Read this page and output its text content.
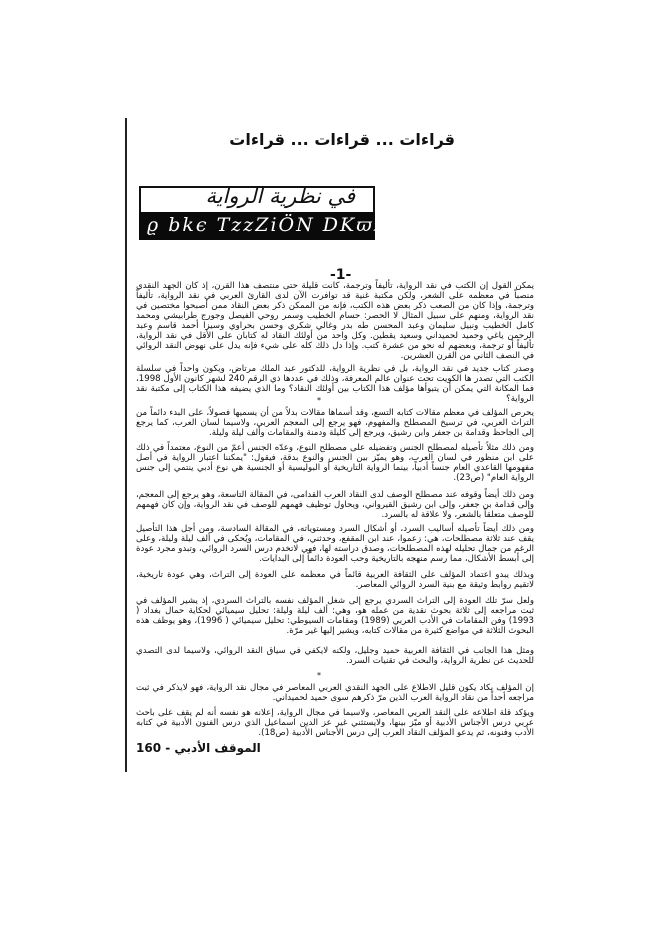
قراءات ... قراءات ... قراءات
في نظرية الرواية
ϱ bkϵ TzzZiÖN DKϖz
-1-

يمكن القول إن الكتب في نقد الرواية، تأليفاً وترجمة، كانت قليلة حتى منتصف هذا القرن، إذ كان الجهد النقدي منصباً في معظمه على الشعر، ولكن مكتبة غنية قد توافرت الآن لدى القارئ العربي في نقد الرواية، تأليفاً وترجمة، وإذا كان من الصعب ذكر بعض هذه الكتب، فإنه من الممكن ذكر بعض النقاد ممن أصبحوا مختصين في نقد الرواية، ومنهم على سبيل المثال لا الحصر: حسام الخطيب وسمر روحي الفيصل وجورج طرابيشي ومحمد كامل الخطيب ونبيل سليمان وعبد المحسن طه بدر وغالي شكري وحسن بحراوي وسيزا أحمد قاسم وعبد الرحمن ياغي وحميد لحميداني وسعيد يقطين. وكل واحد من أولئك النقاد له كتابان على الأقل في نقد الرواية، تأليفاً أو ترجمة، وبعضهم له نحو من عشرة كتب. وإذا دل ذلك كله على شيء فإنه يدل على نهوض النقد الروائي في النصف الثاني من القرن العشرين.

وصدر كتاب جديد في نقد الرواية، بل في نظرية الرواية، للدكتور عبد الملك مرتاض، ويكون واحداً في سلسلة الكتب التي تصدر ها الكويت تحت عنوان عالم المعرفة، وذلك في عددها ذي الرقم 240 لشهر كانون الأول 1998، فما المكانة التي يمكن أن يتبوأها مؤلف هذا الكتاب بين أولئك النقاد؟ وما الذي يضيفه هذا الكتاب إلى مكتبة نقد الرواية؟

*

يحرص المؤلف في معظم مقالات كتابه التسع، وقد أسماها مقالات بدلاً من أن يسميها فصولاً، على البدء دائماً من التراث العربي، في ترسيخ المصطلح والمفهوم، فهو يرجع إلى المعجم العربي، ولاسيما لسان العرب، كما يرجع إلى الجاحظ وقدامة بن جعفر وابن رشيق، ويرجع إلى كليلة ودمنة والمقامات وألف ليلة وليلة.

ومن ذلك مثلاً تأصيله لمصطلح الجنس وتفضيله على مصطلح النوع، وعدّه الجنس أعمّ من النوع، معتمداً في ذلك على ابن منظور في لسان العرب، وهو يميّز بين الجنس والنوع بدقة، فيقول: "يمكننا اعتبار الرواية في أصل مفهومها القاعدي العام جنساً أدبياً، بينما الرواية التاريخية أو البوليسية أو الجنسية هي نوع أدبي ينتمي إلى جنس الرواية العام" (ص23).

ومن ذلك أيضاً وقوفه عند مصطلح الوصف لدى النقاد العرب القدامى، في المقالة التاسعة، وهو يرجع إلى المعجم، وإلى قدامة بن جعفر، وإلى ابن رشيق القيرواني، ويحاول توظيف فهمهم للوصف في نقد الرواية، وإن كان فهمهم للوصف متعلقاً بالشعر، ولا علاقة له بالسرد.

ومن ذلك أيضاً تأصيله أساليب السرد، أو أشكال السرد ومستوياته، في المقالة السادسة، ومن أجل هذا التأصيل يقف عند ثلاثة مصطلحات، هي: زعموا، عند ابن المقفع، وحدثني، في المقامات، ويُحكى في ألف ليلة وليلة، وعلى الرغم من جمال تحليله لهذه المصطلحات، وصدق دراسته لها، فهي لاتخدم درس السرد الروائي، وتبدو مجرد عودة إلى أبسط الأشكال، مما رسم منهجه بالتاريخية وحب العودة دائماً إلى البدايات.

وبذلك يبدو اعتماد المؤلف على الثقافة العربية قائماً في معظمه على العودة إلى التراث، وهي عودة تاريخية، لاتقيم روابط وثيقة مع بنية السرد الروائي المعاصر.

ولعل سرّ تلك العودة إلى التراث السردي يرجع إلى شغل المؤلف نفسه بالتراث السردي، إذ يشير المؤلف في ثبت مراجعه إلى ثلاثة بحوث نقدية من عمله هو، وهي: ألف ليلة وليلة: تحليل سيميائي لحكاية حمال بغداد ( 1993) وفن المقامات في الأدب العربي (1989) ومقامات السيوطي: تحليل سيميائي ( 1996)، وهو يوظف هذه البحوث الثلاثة في مواضع كثيرة من مقالات كتابه، ويشير إليها غير مرّة.

ومثل هذا الجانب في الثقافة العربية حميد وجليل، ولكنه لايكفي في سياق النقد الروائي، ولاسيما لدى التصدي للحديث عن نظرية الرواية، والبحث في تقنيات السرد.

*

إن المؤلف يكاد يكون قليل الاطلاع على الجهد النقدي العربي المعاصر في مجال نقد الرواية، فهو لايذكر في ثبت مراجعه أحداً من نقاد الرواية العرب الذين مرّ ذكرهم سوى حميد لحميداني.

ويؤكد قلة اطلاعه على النقد العربي المعاصر، ولاسيما في مجال الرواية، إعلانه هو نفسه أنه لم يقف على باحث عربي درس الأجناس الأدبية أو ميّز بينها، ولايستثني غير عز الدين اسماعيل الذي درس الفنون الأدبية في كتابه الأدب وفنونه، ثم يدعو المؤلف النقاد العرب إلى درس الأجناس الأدبية (ص18).

الموقف الأدبي - 160
